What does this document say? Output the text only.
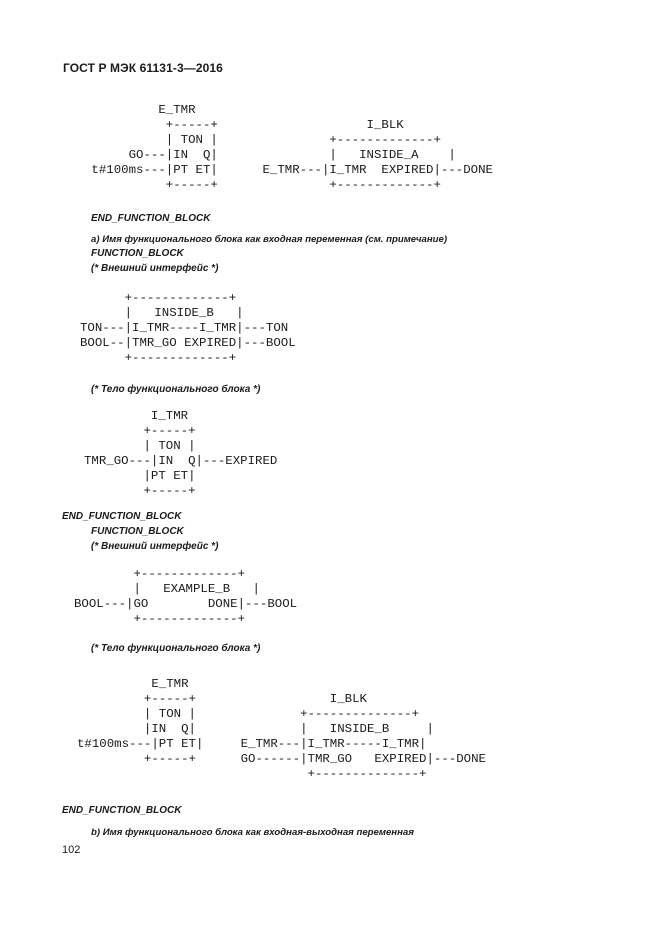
ГОСТ Р МЭК 61131-3—2016
E_TMR
+-----+                    I_BLK
| TON |               +-------------+
GO---|IN  Q|               |   INSIDE_A    |
t#100ms---|PT ET|      E_TMR---|I_TMR  EXPIRED|---DONE
+-----+               +-------------+

END_FUNCTION_BLOCK
а) Имя функционального блока как входная переменная (см. примечание)
FUNCTION_BLOCK
(* Внешний интерфейс *)
+-------------+
|   INSIDE_B   |
TON---|I_TMR----I_TMR|---TON
BOOL--|TMR_GO EXPIRED|---BOOL
+-------------+

(* Тело функционального блока *)
I_TMR
+-----+
| TON |
TMR_GO---|IN  Q|---EXPIRED
|PT ET|
+-----+

END_FUNCTION_BLOCK
FUNCTION_BLOCK
(* Внешний интерфейс *)
+-------------+
|   EXAMPLE_B   |
BOOL---|GO        DONE|---BOOL
+-------------+

(* Тело функционального блока *)
E_TMR
+-----+                  I_BLK
| TON |              +--------------+
|IN  Q|              |   INSIDE_B     |
t#100ms---|PT ET|     E_TMR---|I_TMR-----I_TMR|
+-----+      GO------|TMR_GO   EXPIRED|---DONE
+--------------+

END_FUNCTION_BLOCK
b) Имя функционального блока как входная-выходная переменная
102
